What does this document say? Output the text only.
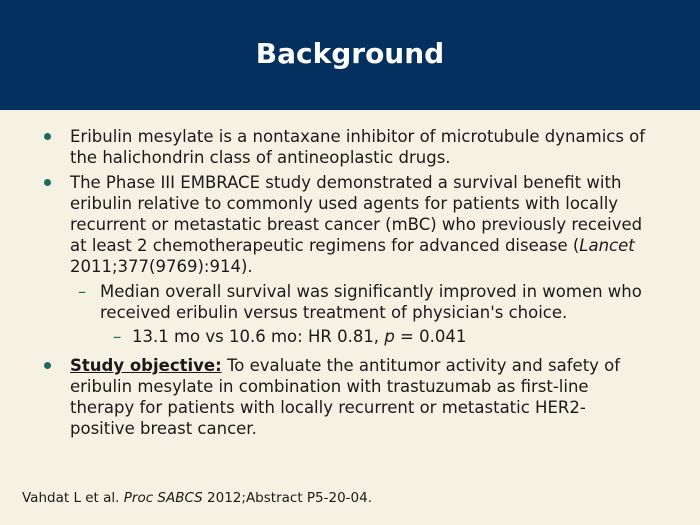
Background
Eribulin mesylate is a nontaxane inhibitor of microtubule dynamics of the halichondrin class of antineoplastic drugs.
The Phase III EMBRACE study demonstrated a survival benefit with eribulin relative to commonly used agents for patients with locally recurrent or metastatic breast cancer (mBC) who previously received at least 2 chemotherapeutic regimens for advanced disease (Lancet 2011;377(9769):914).
– Median overall survival was significantly improved in women who received eribulin versus treatment of physician's choice.
– 13.1 mo vs 10.6 mo: HR 0.81, p = 0.041
Study objective: To evaluate the antitumor activity and safety of eribulin mesylate in combination with trastuzumab as first-line therapy for patients with locally recurrent or metastatic HER2-positive breast cancer.
Vahdat L et al. Proc SABCS 2012;Abstract P5-20-04.
